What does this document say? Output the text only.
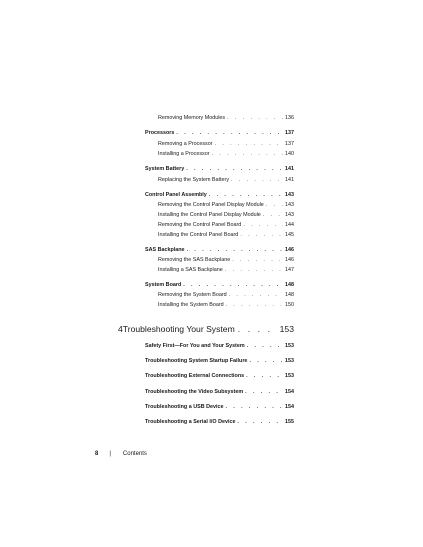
Removing Memory Modules . . .	136
Processors . . .	137
Removing a Processor . . .	137
Installing a Processor . . .	140
System Battery . . .	141
Replacing the System Battery . . .	141
Control Panel Assembly . . .	143
Removing the Control Panel Display Module . . .	143
Installing the Control Panel Display Module . . .	143
Removing the Control Panel Board . . .	144
Installing the Control Panel Board . . .	145
SAS Backplane . . .	146
Removing the SAS Backplane . . .	146
Installing a SAS Backplane . . .	147
System Board . . .	148
Removing the System Board . . .	148
Installing the System Board . . .	150
4 Troubleshooting Your System . . .	153
Safety First—For You and Your System . . .	153
Troubleshooting System Startup Failure . . .	153
Troubleshooting External Connections . . .	153
Troubleshooting the Video Subsystem . . .	154
Troubleshooting a USB Device . . .	154
Troubleshooting a Serial I/O Device . . .	155
8 | Contents
